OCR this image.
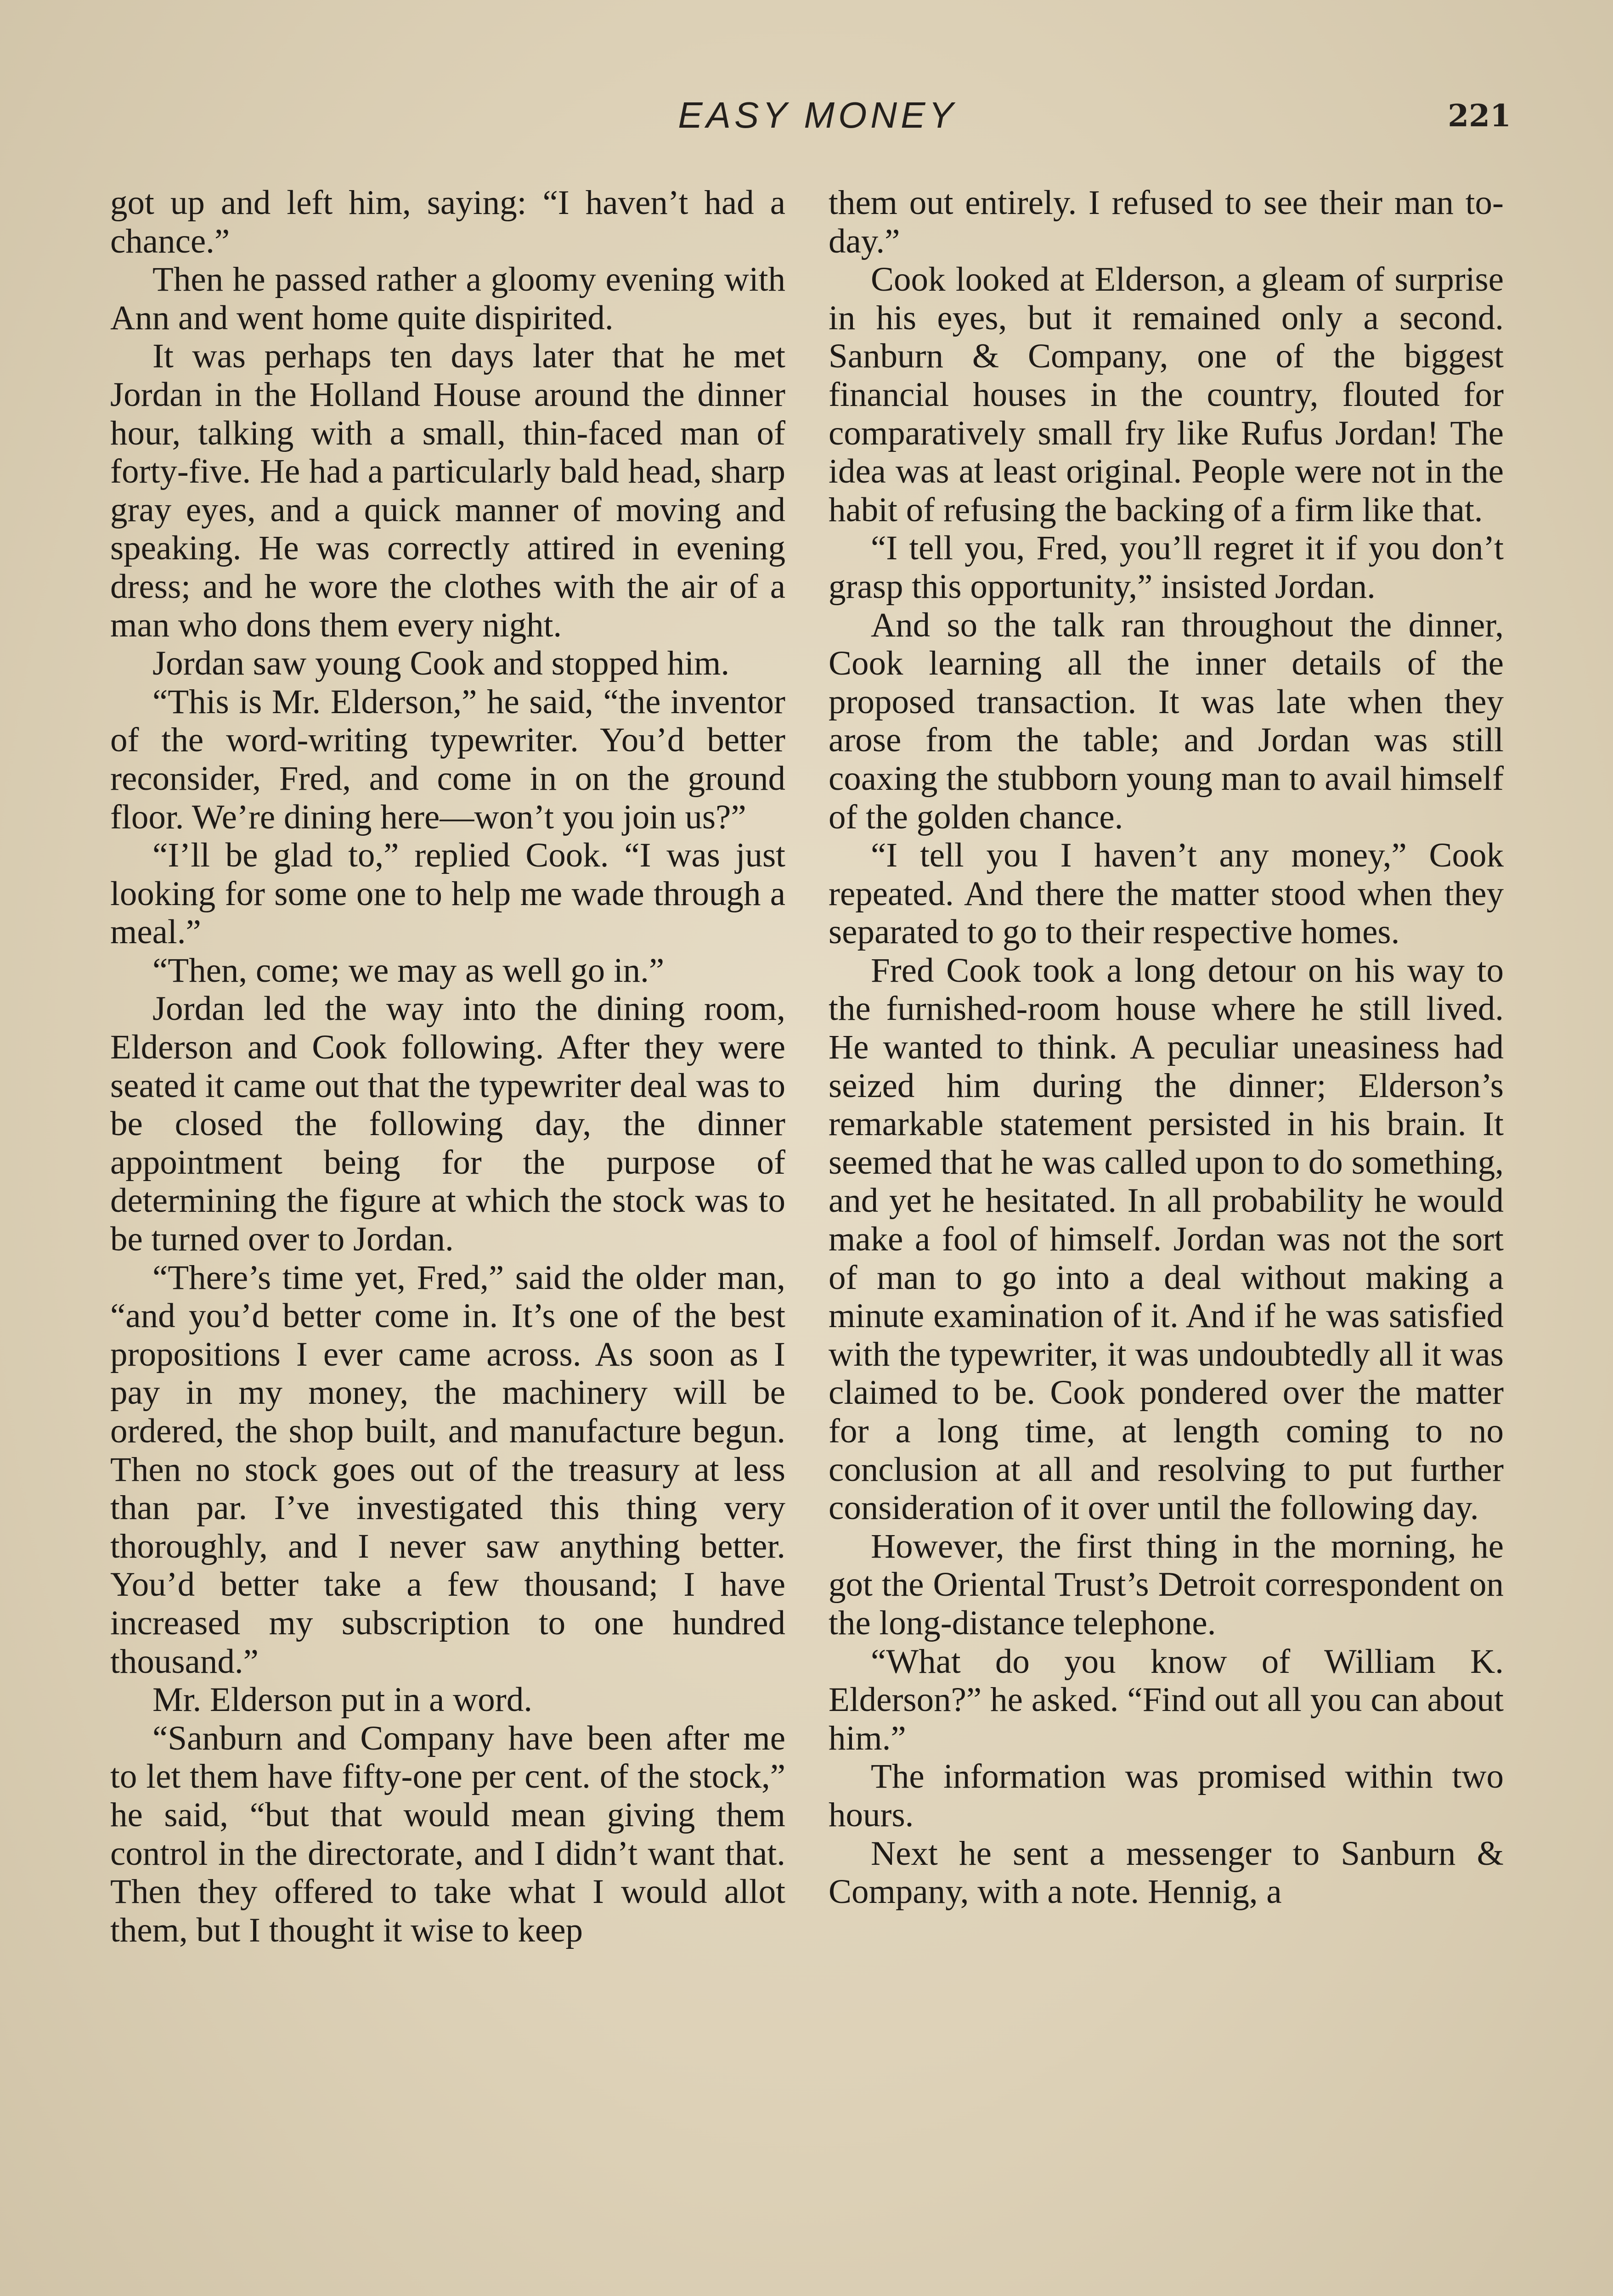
EASY MONEY	221

got up and left him, saying: “I haven’t had a chance.”

Then he passed rather a gloomy evening with Ann and went home quite dispirited.

It was perhaps ten days later that he met Jordan in the Holland House around the dinner hour, talking with a small, thin-faced man of forty-five. He had a particularly bald head, sharp gray eyes, and a quick manner of moving and speaking. He was correctly attired in evening dress; and he wore the clothes with the air of a man who dons them every night.

Jordan saw young Cook and stopped him.

“This is Mr. Elderson,” he said, “the inventor of the word-writing typewriter. You’d better reconsider, Fred, and come in on the ground floor. We’re dining here—won’t you join us?”

“I’ll be glad to,” replied Cook. “I was just looking for some one to help me wade through a meal.”

“Then, come; we may as well go in.”

Jordan led the way into the dining room, Elderson and Cook following. After they were seated it came out that the typewriter deal was to be closed the following day, the dinner appointment being for the purpose of determining the figure at which the stock was to be turned over to Jordan.

“There’s time yet, Fred,” said the older man, “and you’d better come in. It’s one of the best propositions I ever came across. As soon as I pay in my money, the machinery will be ordered, the shop built, and manufacture begun. Then no stock goes out of the treasury at less than par. I’ve investigated this thing very thoroughly, and I never saw anything better. You’d better take a few thousand; I have increased my subscription to one hundred thousand.”

Mr. Elderson put in a word.

“Sanburn and Company have been after me to let them have fifty-one per cent. of the stock,” he said, “but that would mean giving them control in the directorate, and I didn’t want that. Then they offered to take what I would allot them, but I thought it wise to keep

them out entirely. I refused to see their man to-day.”

Cook looked at Elderson, a gleam of surprise in his eyes, but it remained only a second. Sanburn & Company, one of the biggest financial houses in the country, flouted for comparatively small fry like Rufus Jordan! The idea was at least original. People were not in the habit of refusing the backing of a firm like that.

“I tell you, Fred, you’ll regret it if you don’t grasp this opportunity,” insisted Jordan.

And so the talk ran throughout the dinner, Cook learning all the inner details of the proposed transaction. It was late when they arose from the table; and Jordan was still coaxing the stubborn young man to avail himself of the golden chance.

“I tell you I haven’t any money,” Cook repeated. And there the matter stood when they separated to go to their respective homes.

Fred Cook took a long detour on his way to the furnished-room house where he still lived. He wanted to think. A peculiar uneasiness had seized him during the dinner; Elderson’s remarkable statement persisted in his brain. It seemed that he was called upon to do something, and yet he hesitated. In all probability he would make a fool of himself. Jordan was not the sort of man to go into a deal without making a minute examination of it. And if he was satisfied with the typewriter, it was undoubtedly all it was claimed to be. Cook pondered over the matter for a long time, at length coming to no conclusion at all and resolving to put further consideration of it over until the following day.

However, the first thing in the morning, he got the Oriental Trust’s Detroit correspondent on the long-distance telephone.

“What do you know of William K. Elderson?” he asked. “Find out all you can about him.”

The information was promised within two hours.

Next he sent a messenger to Sanburn & Company, with a note. Hennig, a
